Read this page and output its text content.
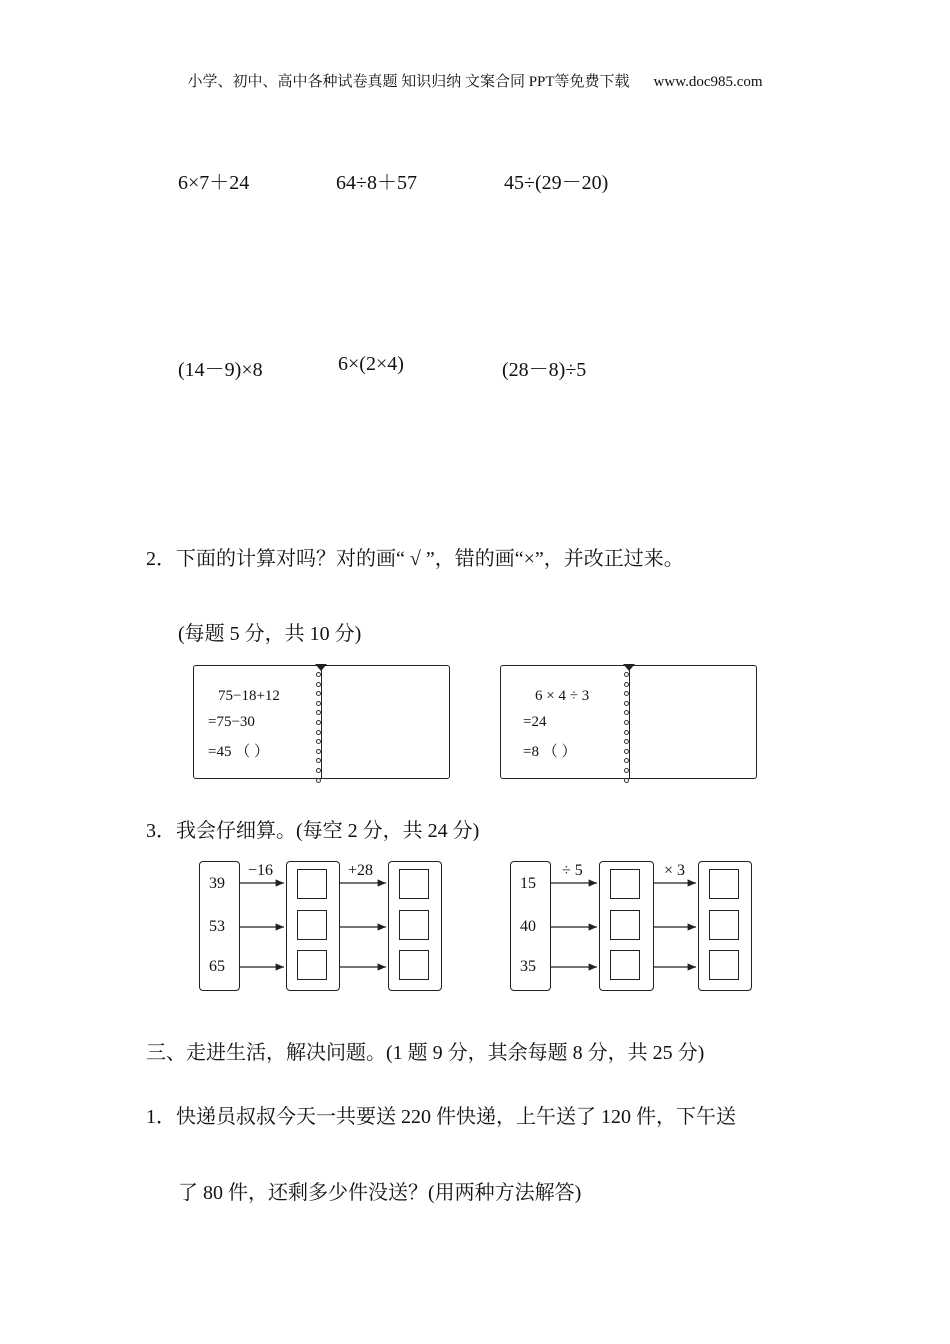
小学、初中、高中各种试卷真题 知识归纳 文案合同 PPT等免费下载 www.doc985.com
6×7＋24	64÷8＋57	45÷(29－20)
(14－9)×8	6×(2×4)	(28－8)÷5
2．下面的计算对吗？对的画“ √ ”，错的画“×”，并改正过来。
(每题 5 分，共 10 分)
75−18+12
=75−30
=45 （ ）
6 × 4 ÷ 3
=24
=8 （ ）
3．我会仔细算。(每空 2 分，共 24 分)
39
53
65
−16	+28
15
40
35
÷ 5	× 3
三、走进生活，解决问题。(1 题 9 分，其余每题 8 分，共 25 分)
1．快递员叔叔今天一共要送 220 件快递，上午送了 120 件，下午送
了 80 件，还剩多少件没送？(用两种方法解答)
